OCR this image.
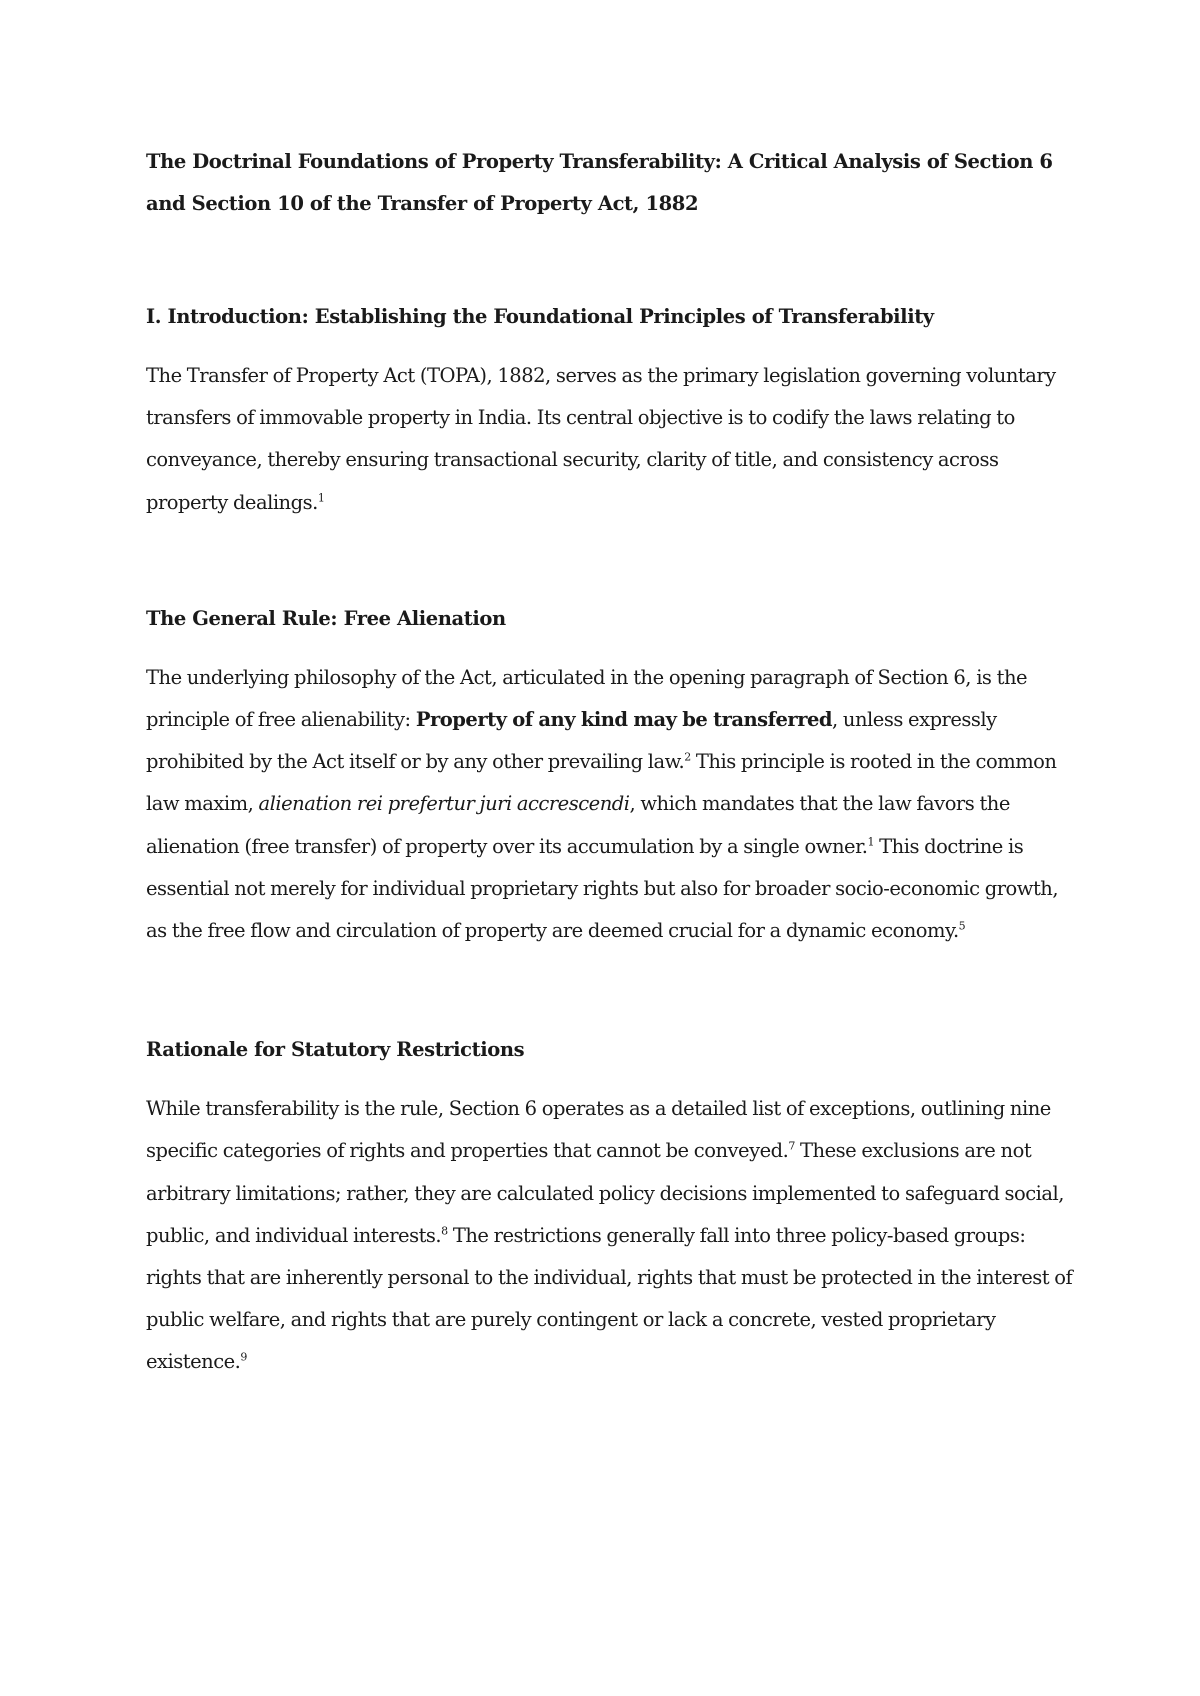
The Doctrinal Foundations of Property Transferability: A Critical Analysis of Section 6
and Section 10 of the Transfer of Property Act, 1882
I. Introduction: Establishing the Foundational Principles of Transferability

The Transfer of Property Act (TOPA), 1882, serves as the primary legislation governing voluntary transfers of immovable property in India. Its central objective is to codify the laws relating to conveyance, thereby ensuring transactional security, clarity of title, and consistency across property dealings.$^1$

The General Rule: Free Alienation

The underlying philosophy of the Act, articulated in the opening paragraph of Section 6, is the principle of free alienability: Property of any kind may be transferred, unless expressly prohibited by the Act itself or by any other prevailing law.$^2$ This principle is rooted in the common law maxim, alienation rei prefertur juri accrescendi, which mandates that the law favors the alienation (free transfer) of property over its accumulation by a single owner.$^1$ This doctrine is essential not merely for individual proprietary rights but also for broader socio-economic growth, as the free flow and circulation of property are deemed crucial for a dynamic economy.$^5$

Rationale for Statutory Restrictions

While transferability is the rule, Section 6 operates as a detailed list of exceptions, outlining nine specific categories of rights and properties that cannot be conveyed.$^7$ These exclusions are not arbitrary limitations; rather, they are calculated policy decisions implemented to safeguard social, public, and individual interests.$^8$ The restrictions generally fall into three policy-based groups: rights that are inherently personal to the individual, rights that must be protected in the interest of public welfare, and rights that are purely contingent or lack a concrete, vested proprietary existence.$^9$
